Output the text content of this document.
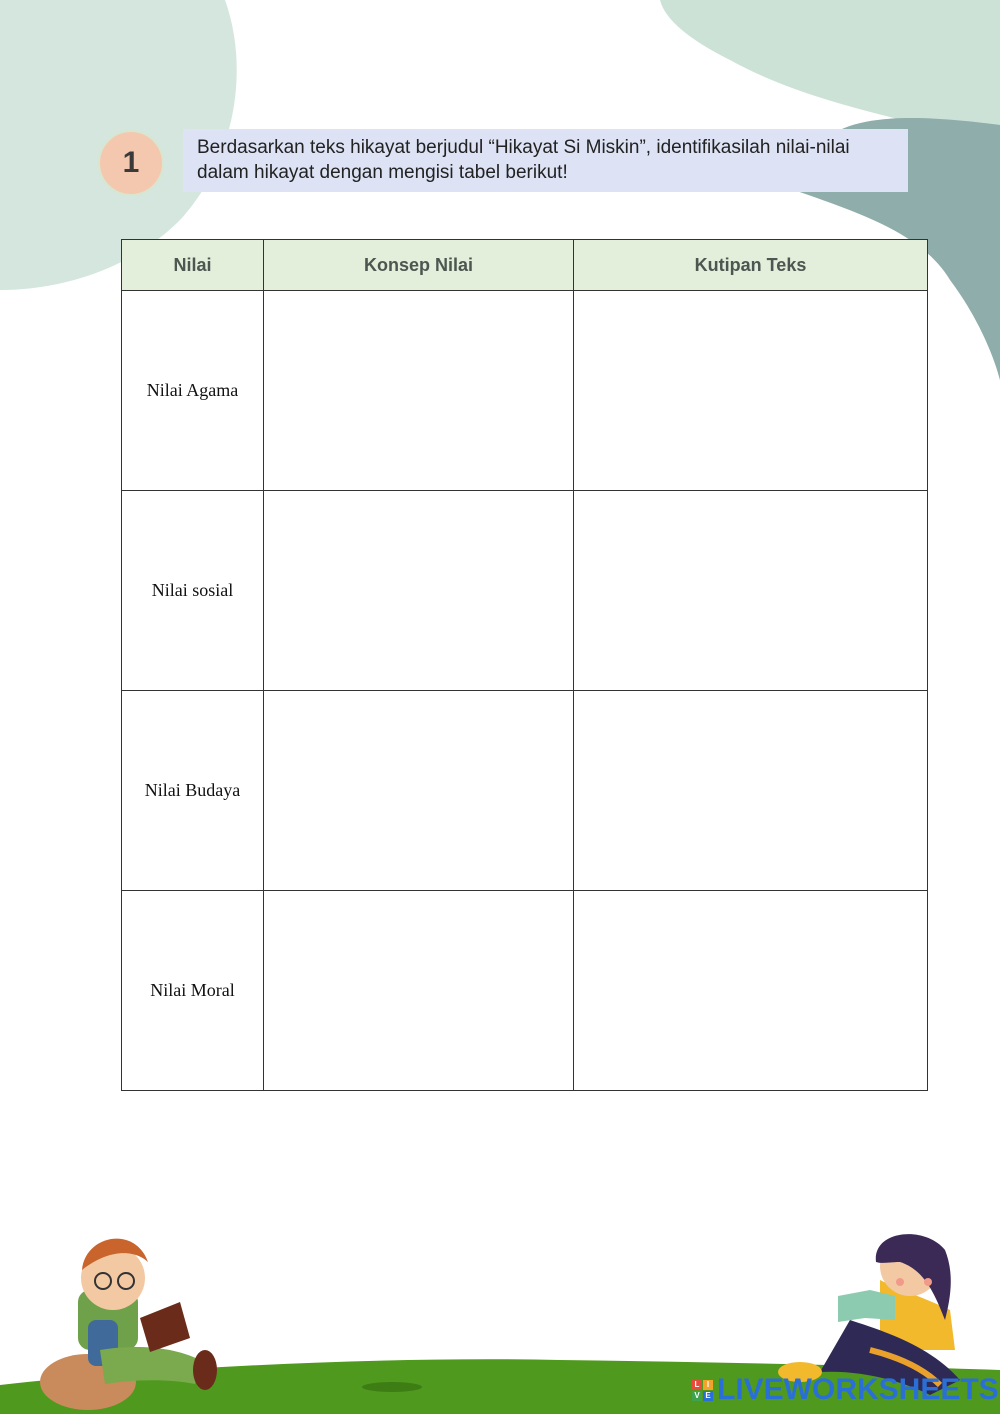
1	Berdasarkan teks hikayat berjudul “Hikayat Si Miskin”, identifikasilah nilai-nilai dalam hikayat dengan mengisi tabel berikut!
Nilai	Konsep Nilai	Kutipan Teks
Nilai Agama		
Nilai sosial		
Nilai Budaya		
Nilai Moral		
L I
V E LIVEWORKSHEETS
